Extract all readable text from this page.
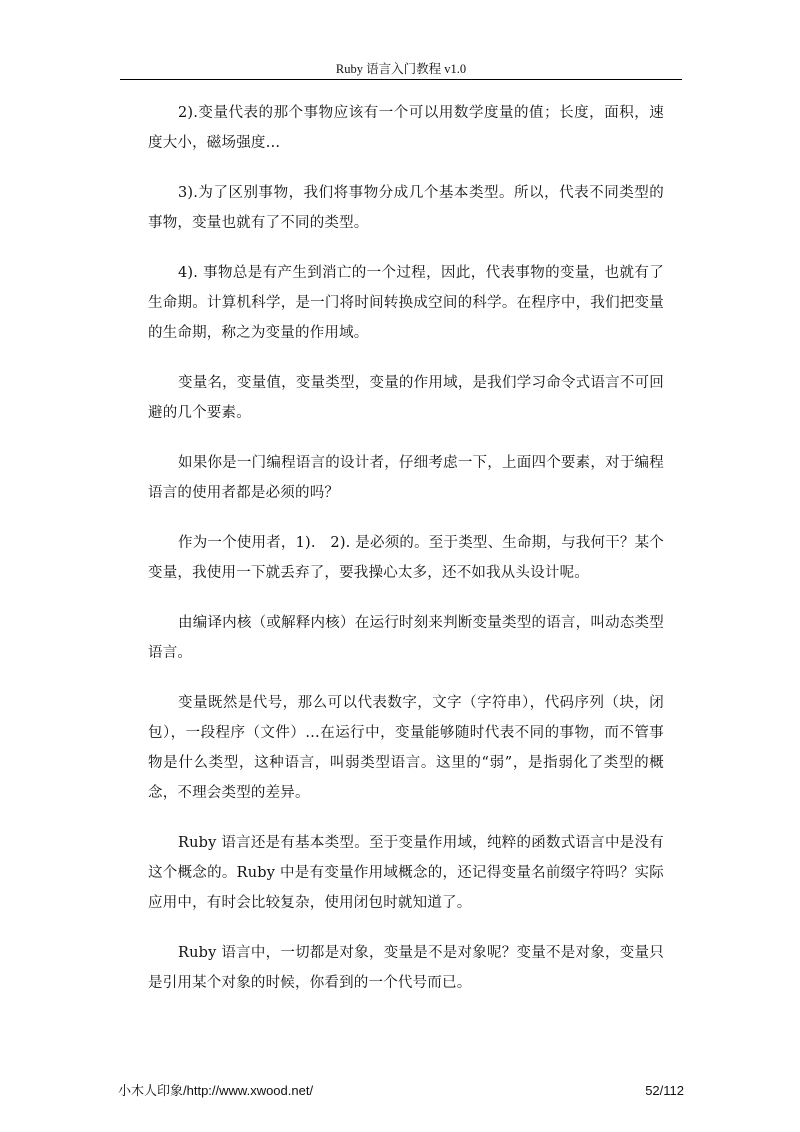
Ruby 语言入门教程 v1.0

2).变量代表的那个事物应该有一个可以用数学度量的值；长度，面积，速度大小，磁场强度…

3).为了区别事物，我们将事物分成几个基本类型。所以，代表不同类型的事物，变量也就有了不同的类型。

4). 事物总是有产生到消亡的一个过程，因此，代表事物的变量，也就有了生命期。计算机科学，是一门将时间转换成空间的科学。在程序中，我们把变量的生命期，称之为变量的作用域。

变量名，变量值，变量类型，变量的作用域，是我们学习命令式语言不可回避的几个要素。

如果你是一门编程语言的设计者，仔细考虑一下，上面四个要素，对于编程语言的使用者都是必须的吗？

作为一个使用者，1).　2). 是必须的。至于类型、生命期，与我何干？某个变量，我使用一下就丢弃了，要我操心太多，还不如我从头设计呢。

由编译内核（或解释内核）在运行时刻来判断变量类型的语言，叫动态类型语言。

变量既然是代号，那么可以代表数字，文字（字符串），代码序列（块，闭包），一段程序（文件）…在运行中，变量能够随时代表不同的事物，而不管事物是什么类型，这种语言，叫弱类型语言。这里的“弱”，是指弱化了类型的概念，不理会类型的差异。

Ruby 语言还是有基本类型。至于变量作用域，纯粹的函数式语言中是没有这个概念的。Ruby 中是有变量作用域概念的，还记得变量名前缀字符吗？实际应用中，有时会比较复杂，使用闭包时就知道了。

Ruby 语言中，一切都是对象，变量是不是对象呢？变量不是对象，变量只是引用某个对象的时候，你看到的一个代号而已。

小木人印象/http://www.xwood.net/	52/112
